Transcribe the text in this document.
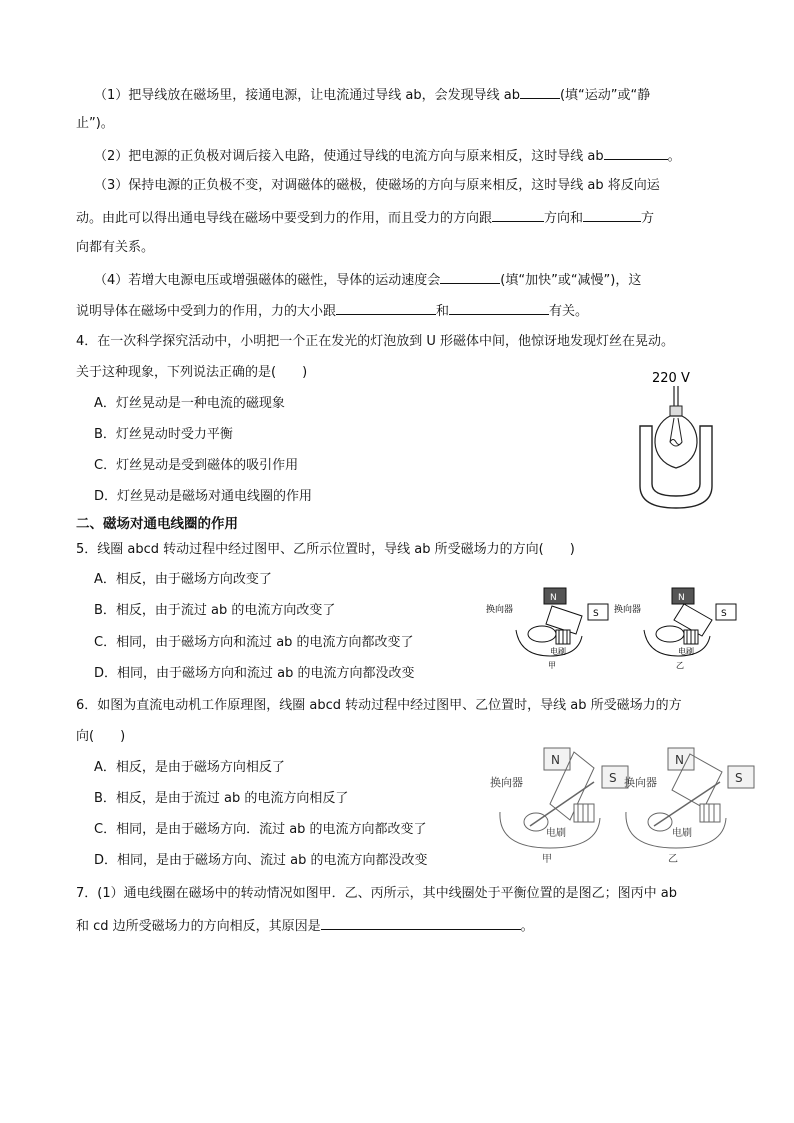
（1）把导线放在磁场里，接通电源，让电流通过导线 ab，会发现导线 ab	(填“运动”或“静
止”)。
（2）把电源的正负极对调后接入电路，使通过导线的电流方向与原来相反，这时导线 ab	。
（3）保持电源的正负极不变，对调磁体的磁极，使磁场的方向与原来相反，这时导线 ab 将反向运
动。由此可以得出通电导线在磁场中要受到力的作用，而且受力的方向跟	方向和	方
向都有关系。
（4）若增大电源电压或增强磁体的磁性，导体的运动速度会	(填“加快”或“减慢”)，这
说明导体在磁场中受到力的作用，力的大小跟	和	有关。
4．在一次科学探究活动中，小明把一个正在发光的灯泡放到 U 形磁体中间，他惊讶地发现灯丝在晃动。
关于这种现象，下列说法正确的是(　　)
A．灯丝晃动是一种电流的磁现象
B．灯丝晃动时受力平衡
C．灯丝晃动是受到磁体的吸引作用
D．灯丝晃动是磁场对通电线圈的作用
220 V
二、磁场对通电线圈的作用
5．线圈 abcd 转动过程中经过图甲、乙所示位置时，导线 ab 所受磁场力的方向(　　)
A．相反，由于磁场方向改变了
B．相反，由于流过 ab 的电流方向改变了
C．相同，由于磁场方向和流过 ab 的电流方向都改变了
D．相同，由于磁场方向和流过 ab 的电流方向都没改变
N
S
换向器
电刷
甲
N
S
换向器
电刷
乙
6．如图为直流电动机工作原理图，线圈 abcd 转动过程中经过图甲、乙位置时，导线 ab 所受磁场力的方
向(　　)
A．相反，是由于磁场方向相反了
B．相反，是由于流过 ab 的电流方向相反了
C．相同，是由于磁场方向．流过 ab 的电流方向都改变了
D．相同，是由于磁场方向、流过 ab 的电流方向都没改变
N
S
换向器
电刷
甲
N
S
换向器
电刷
乙
7．(1）通电线圈在磁场中的转动情况如图甲．乙、丙所示，其中线圈处于平衡位置的是图乙；图丙中 ab
和 cd 边所受磁场力的方向相反，其原因是	。
